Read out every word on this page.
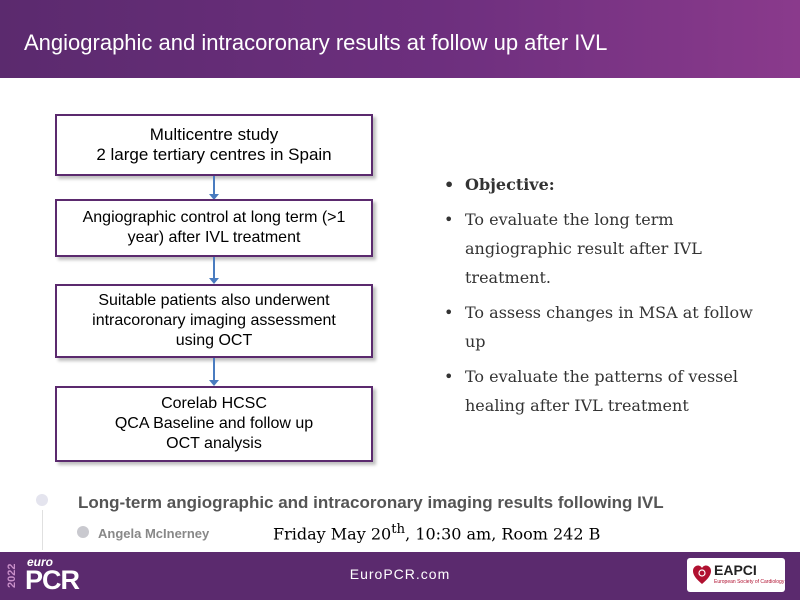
Angiographic and intracoronary results at follow up after IVL
Multicentre study
2 large tertiary centres in Spain
Angiographic control at long term (>1
year) after IVL treatment
Suitable patients also underwent
intracoronary imaging assessment
using OCT
Corelab HCSC
QCA Baseline and follow up
OCT analysis
• Objective:
• To evaluate the long term angiographic result after IVL treatment.
• To assess changes in MSA at follow up
• To evaluate the patterns of vessel healing after IVL treatment
Long-term angiographic and intracoronary imaging results following IVL
Angela McInerney	Friday May 20th, 10:30 am, Room 242 B
2022
euro
PCR	EuroPCR.com	EAPCI
European Society of Cardiology
